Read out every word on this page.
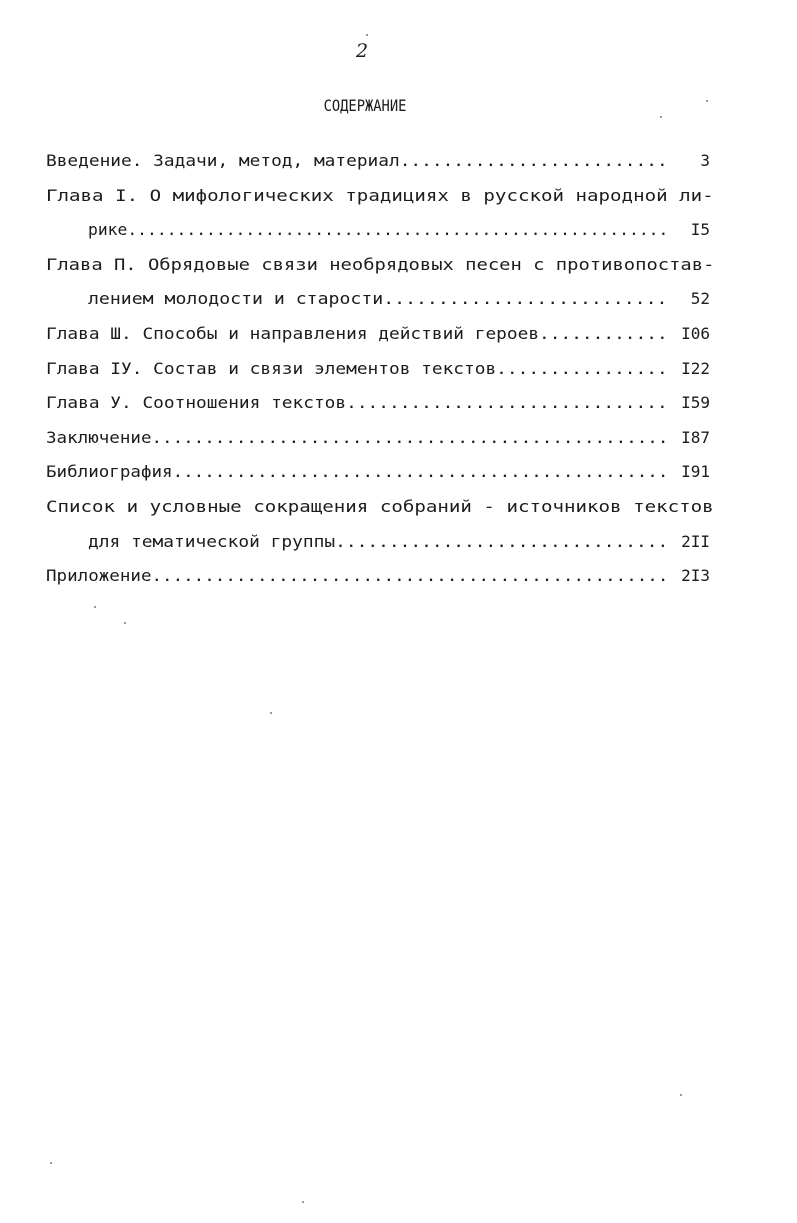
2
СОДЕРЖАНИЕ
Введение. Задачи, метод, материал......................... 3
Глава I. О мифологических традициях в русской народной ли-
рике....................................................... I5
Глава П. Обрядовые связи необрядовых песен с противопостав-
лением молодости и старости.......................... 52
Глава Ш. Способы и направления действий героев............ I06
Глава IУ. Состав и связи элементов текстов................ I22
Глава У. Соотношения текстов.............................. I59
Заключение................................................. I87
Библиография............................................... I91
Список и условные сокращения собраний - источников текстов
для тематической группы............................... 2II
Приложение................................................. 2I3
